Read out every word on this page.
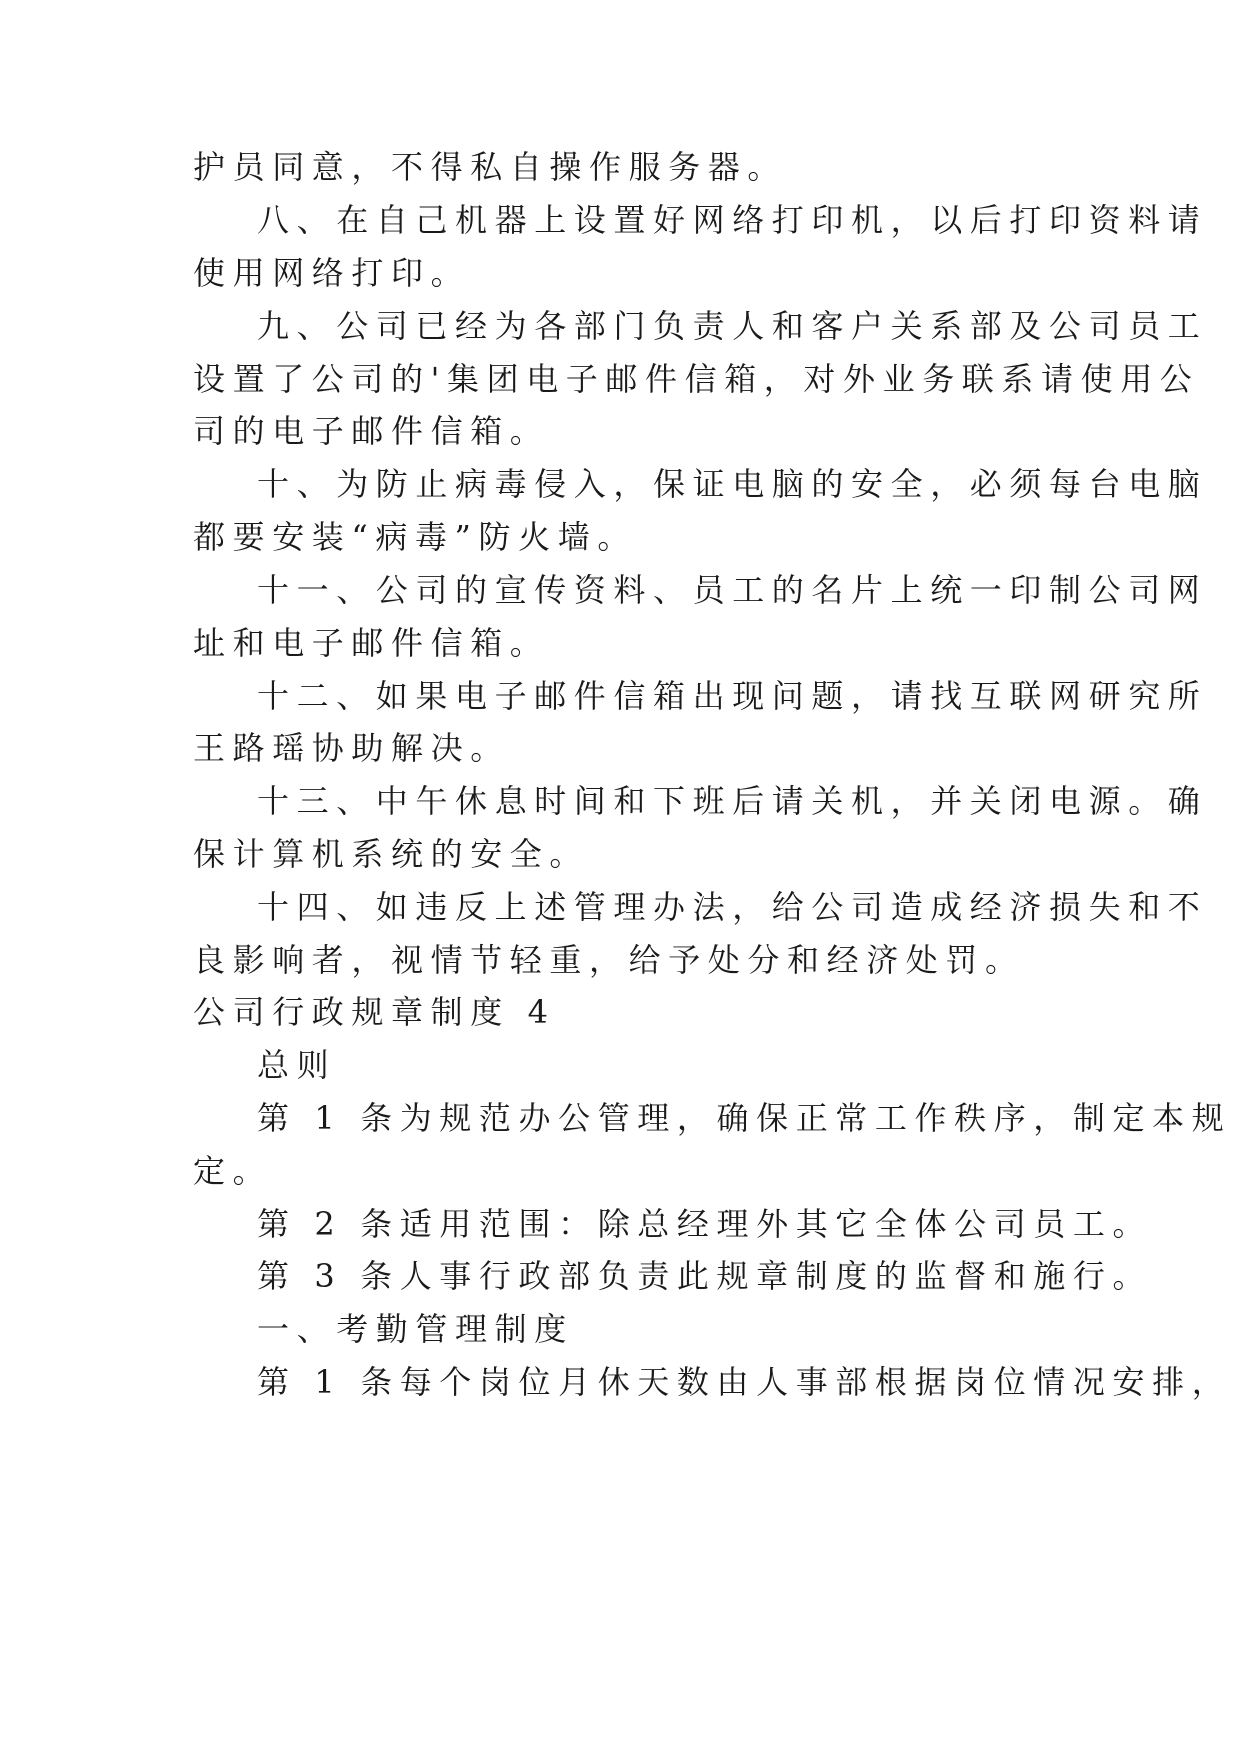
护员同意，不得私自操作服务器。
八、在自己机器上设置好网络打印机，以后打印资料请
使用网络打印。
九、公司已经为各部门负责人和客户关系部及公司员工
设置了公司的'集团电子邮件信箱，对外业务联系请使用公
司的电子邮件信箱。
十、为防止病毒侵入，保证电脑的安全，必须每台电脑
都要安装“病毒”防火墙。
十一、公司的宣传资料、员工的名片上统一印制公司网
址和电子邮件信箱。
十二、如果电子邮件信箱出现问题，请找互联网研究所
王路瑶协助解决。
十三、中午休息时间和下班后请关机，并关闭电源。确
保计算机系统的安全。
十四、如违反上述管理办法，给公司造成经济损失和不
良影响者，视情节轻重，给予处分和经济处罚。
公司行政规章制度 4
总则
第 1 条为规范办公管理，确保正常工作秩序，制定本规
定。
第 2 条适用范围：除总经理外其它全体公司员工。
第 3 条人事行政部负责此规章制度的监督和施行。
一、考勤管理制度
第 1 条每个岗位月休天数由人事部根据岗位情况安排，
